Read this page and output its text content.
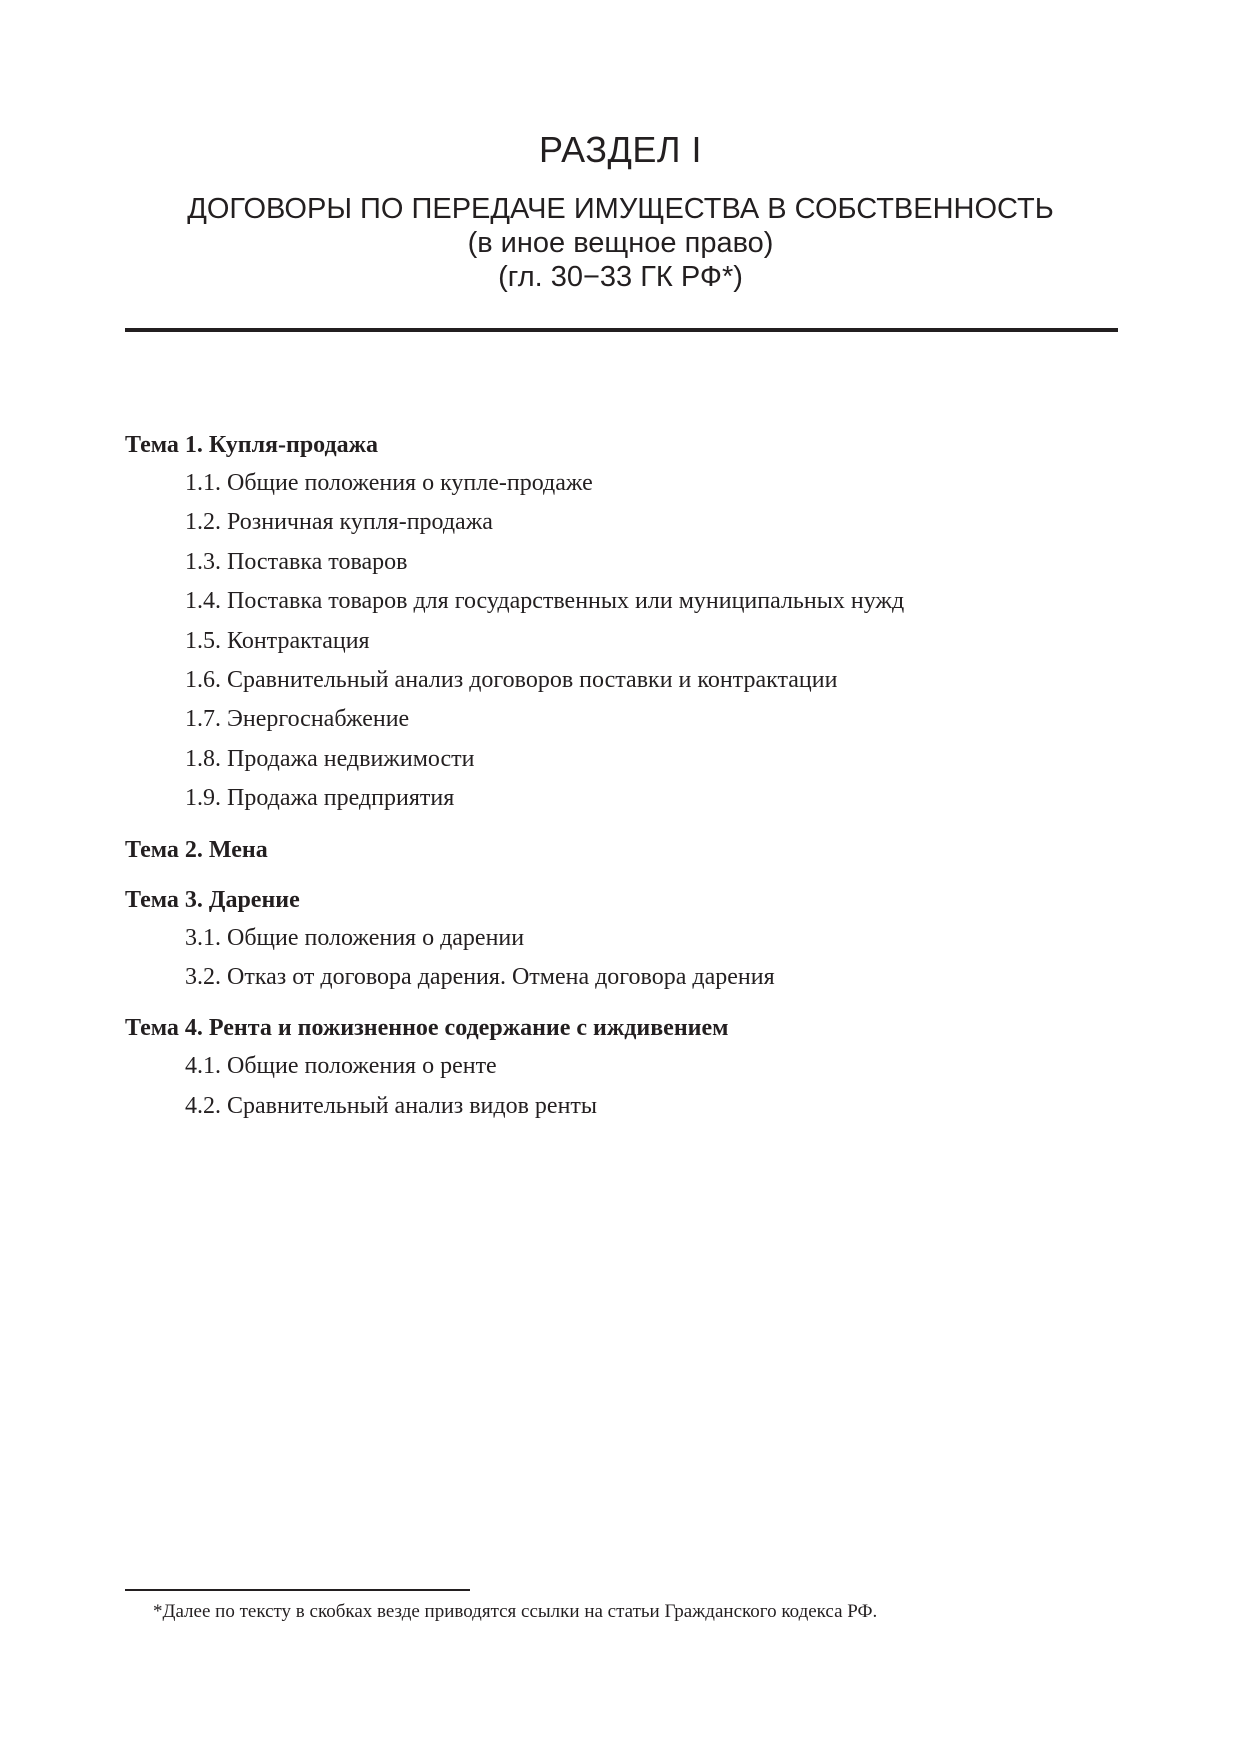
РАЗДЕЛ I
ДОГОВОРЫ ПО ПЕРЕДАЧЕ ИМУЩЕСТВА В СОБСТВЕННОСТЬ
(в иное вещное право)
(гл. 30−33 ГК РФ*)
Тема 1. Купля-продажа
1.1. Общие положения о купле-продаже
1.2. Розничная купля-продажа
1.3. Поставка товаров
1.4. Поставка товаров для государственных или муниципальных нужд
1.5. Контрактация
1.6. Сравнительный анализ договоров поставки и контрактации
1.7. Энергоснабжение
1.8. Продажа недвижимости
1.9. Продажа предприятия
Тема 2. Мена
Тема 3. Дарение
3.1. Общие положения о дарении
3.2. Отказ от договора дарения. Отмена договора дарения
Тема 4. Рента и пожизненное содержание с иждивением
4.1. Общие положения о ренте
4.2. Сравнительный анализ видов ренты
*Далее по тексту в скобках везде приводятся ссылки на статьи Гражданского кодекса РФ.
